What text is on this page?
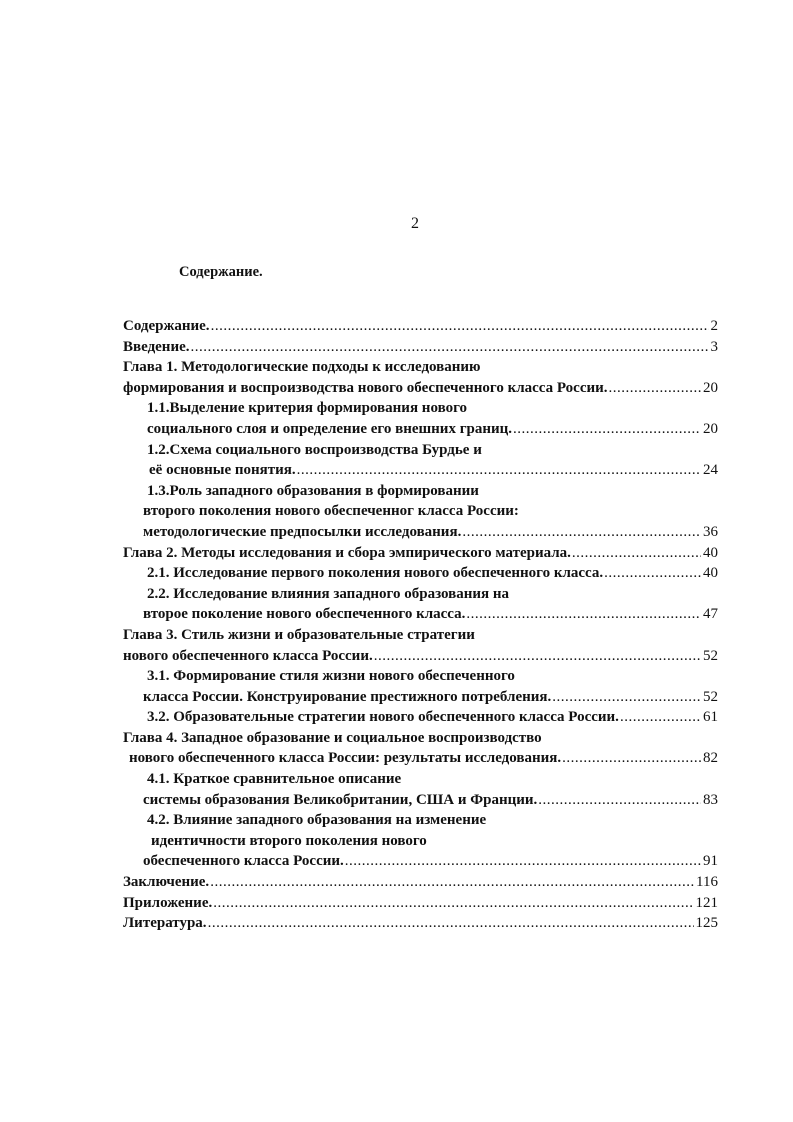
2
Содержание.
Содержание. .....	2
Введение. .....	3
Глава 1. Методологические подходы к исследованию
формирования и воспроизводства нового обеспеченного класса России. .....	20
1.1.Выделение критерия формирования нового
социального слоя и определение его внешних границ. .....	20
1.2.Схема социального воспроизводства Бурдье и
её основные понятия. .....	24
1.3.Роль западного образования в формировании
второго поколения нового обеспеченног класса России:
методологические предпосылки исследования. .....	36
Глава 2. Методы исследования и сбора эмпирического материала. .....	40
2.1. Исследование первого поколения нового обеспеченного класса. .....	40
2.2. Исследование влияния западного образования на
второе поколение нового обеспеченного класса. .....	47
Глава 3. Стиль жизни и образовательные стратегии
нового обеспеченного класса России. .....	52
3.1. Формирование стиля жизни нового обеспеченного
класса России. Конструирование престижного потребления. .....	52
3.2. Образовательные стратегии нового обеспеченного класса России. .....	61
Глава 4. Западное образование и социальное воспроизводство
нового обеспеченного класса России: результаты исследования. .....	82
4.1. Краткое сравнительное описание
системы образования Великобритании, США и Франции. .....	83
4.2. Влияние западного образования на изменение
идентичности второго поколения нового
обеспеченного класса России. .....	91
Заключение. .....	116
Приложение. .....	121
Литература. .....	125
